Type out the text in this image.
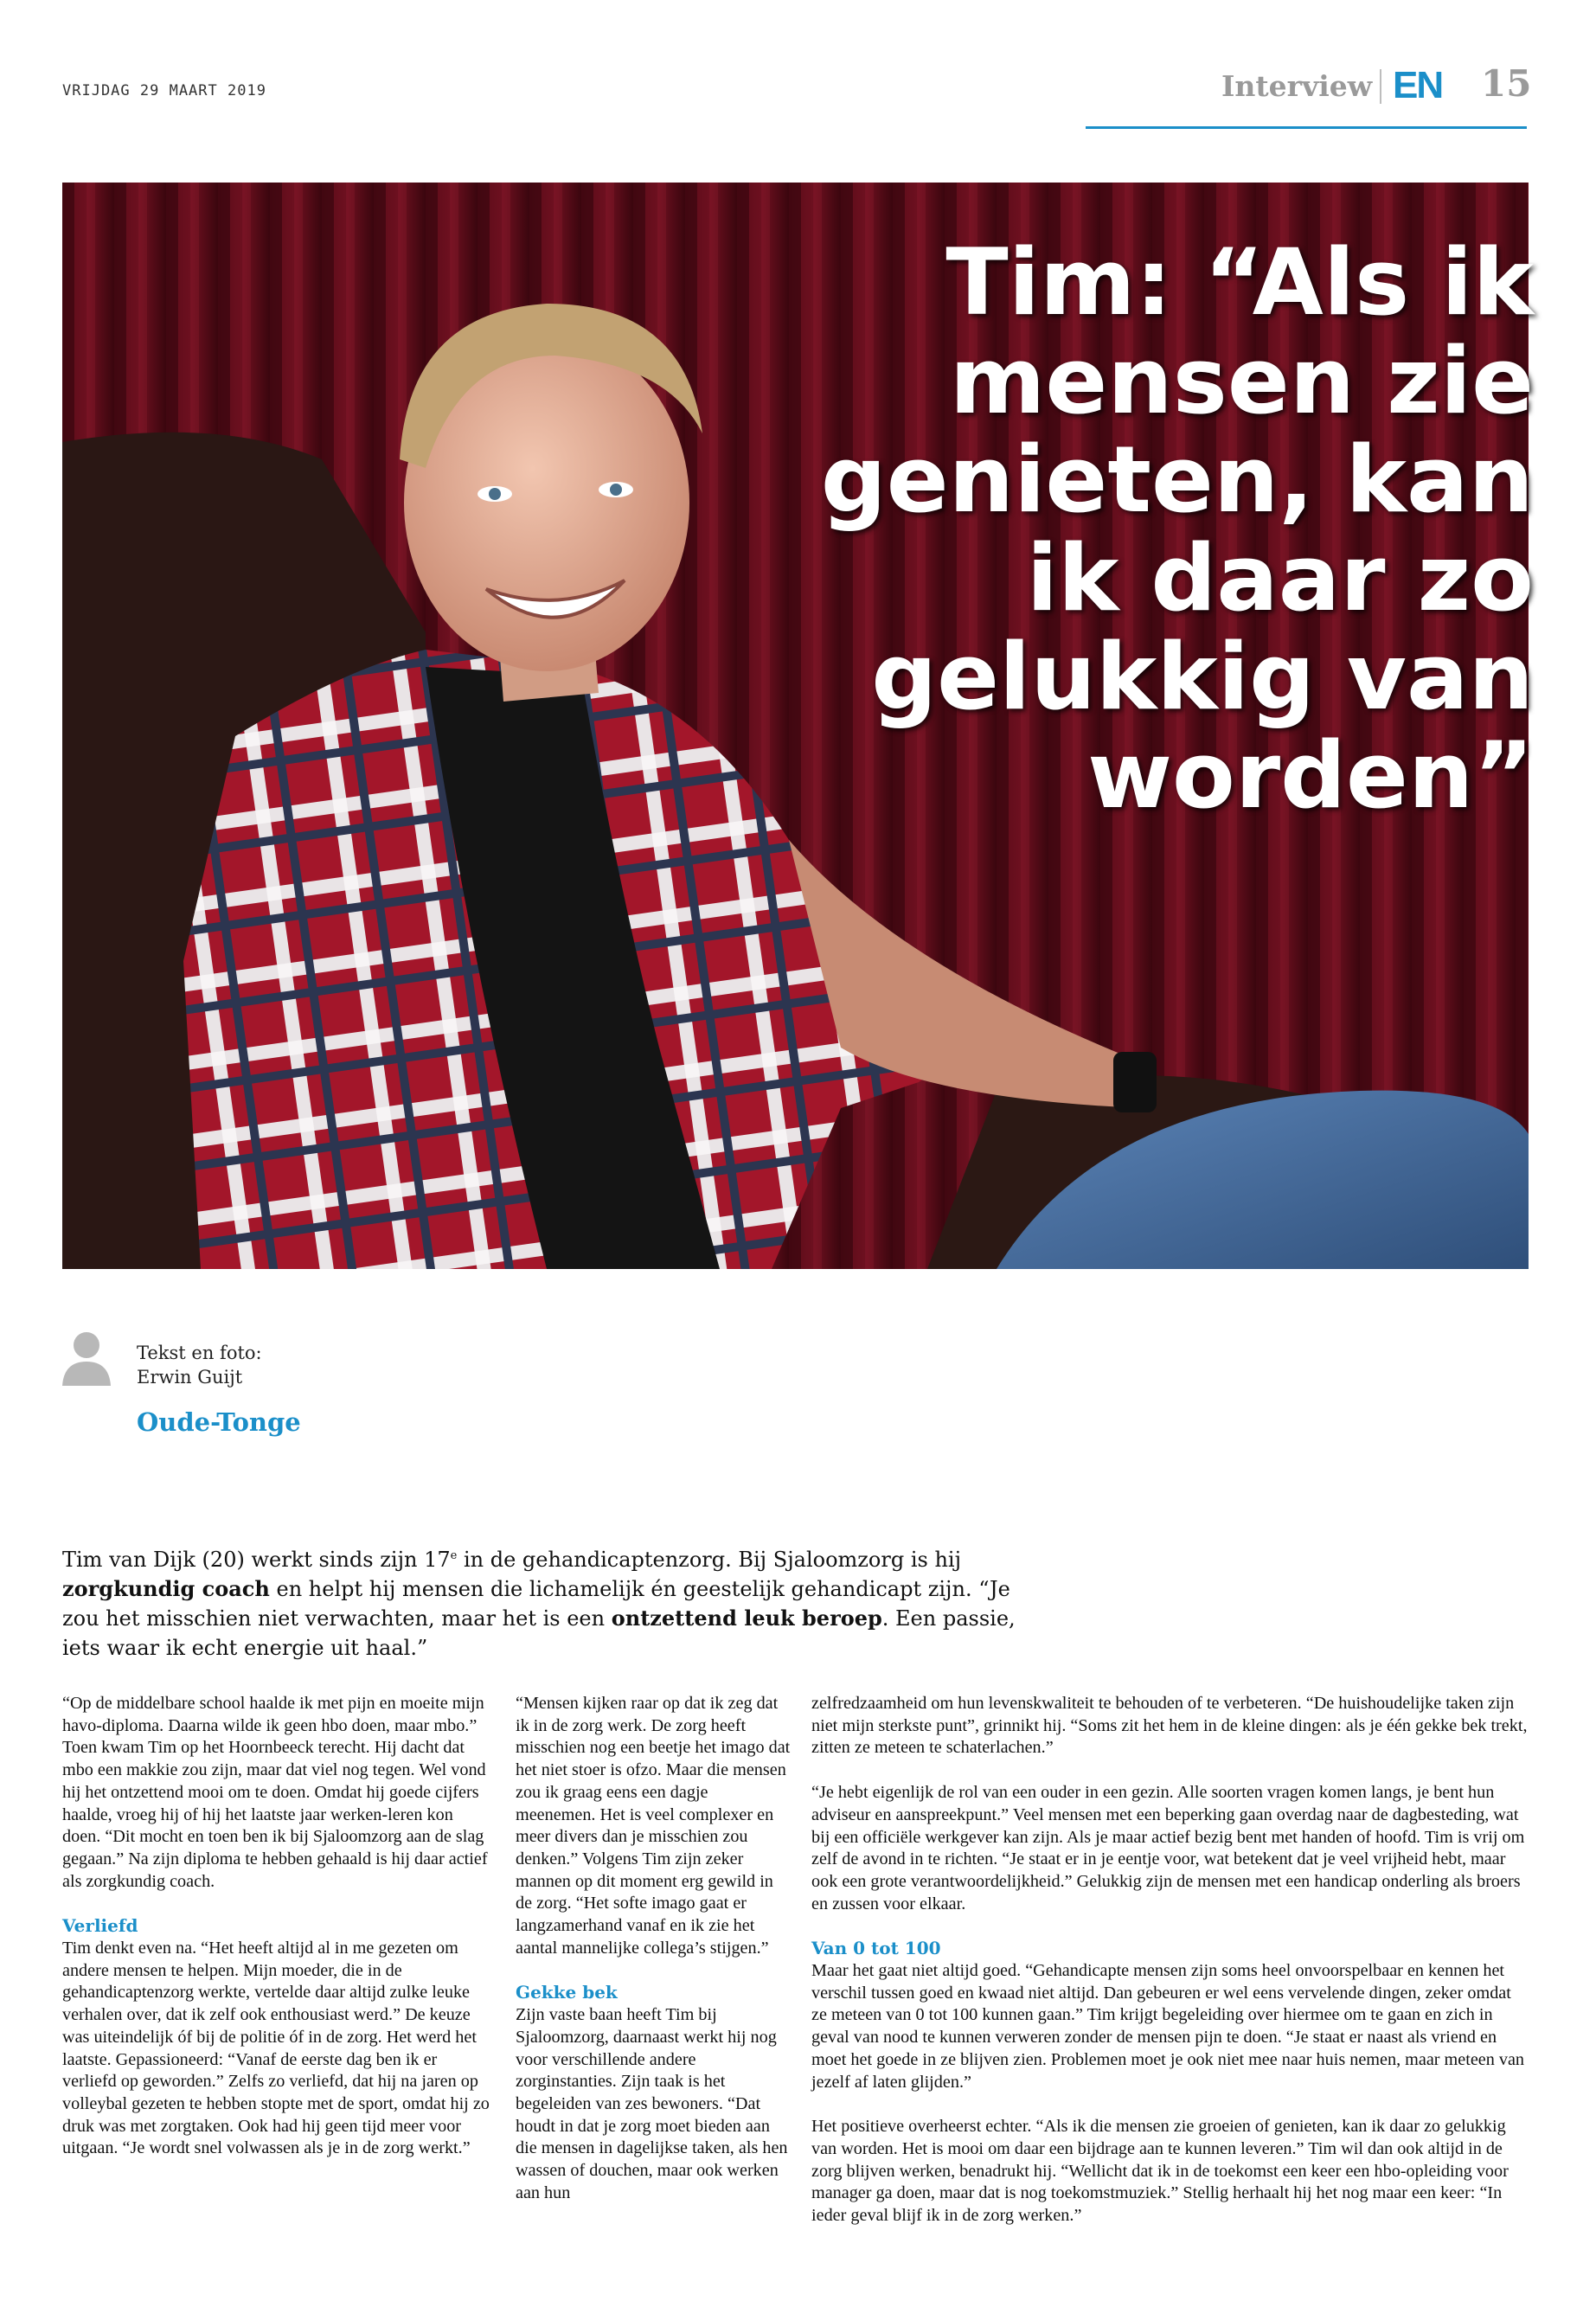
VRIJDAG 29 MAART 2019	Interview EN 15
Tim: “Als ik
mensen zie
genieten, kan
ik daar zo
gelukkig van
worden”
Tekst en foto:
Erwin Guijt
Oude-Tonge

Tim van Dijk (20) werkt sinds zijn 17e in de gehandicaptenzorg. Bij Sjaloomzorg is hij zorgkundig coach en helpt hij mensen die lichamelijk én geestelijk gehandicapt zijn. “Je zou het misschien niet verwachten, maar het is een ontzettend leuk beroep. Een passie, iets waar ik echt energie uit haal.”

“Op de middelbare school haalde ik met pijn en moeite mijn havo-diploma. Daarna wilde ik geen hbo doen, maar mbo.” Toen kwam Tim op het Hoornbeeck terecht. Hij dacht dat mbo een makkie zou zijn, maar dat viel nog tegen. Wel vond hij het ontzettend mooi om te doen. Omdat hij goede cijfers haalde, vroeg hij of hij het laatste jaar werken-leren kon doen. “Dit mocht en toen ben ik bij Sjaloomzorg aan de slag gegaan.” Na zijn diploma te hebben gehaald is hij daar actief als zorgkundig coach.

Verliefd

Tim denkt even na. “Het heeft altijd al in me gezeten om andere mensen te helpen. Mijn moeder, die in de gehandicaptenzorg werkte, vertelde daar altijd zulke leuke verhalen over, dat ik zelf ook enthousiast werd.” De keuze was uiteindelijk óf bij de politie óf in de zorg. Het werd het laatste. Gepassioneerd: “Vanaf de eerste dag ben ik er verliefd op geworden.” Zelfs zo verliefd, dat hij na jaren op volleybal gezeten te hebben stopte met de sport, omdat hij zo druk was met zorgtaken. Ook had hij geen tijd meer voor uitgaan. “Je wordt snel volwassen als je in de zorg werkt.”

“Mensen kijken raar op dat ik zeg dat ik in de zorg werk. De zorg heeft misschien nog een beetje het imago dat het niet stoer is ofzo. Maar die mensen zou ik graag eens een dagje meenemen. Het is veel complexer en meer divers dan je misschien zou denken.” Volgens Tim zijn zeker mannen op dit moment erg gewild in de zorg. “Het softe imago gaat er langzamerhand vanaf en ik zie het aantal mannelijke collega’s stijgen.”

Gekke bek

Zijn vaste baan heeft Tim bij Sjaloomzorg, daarnaast werkt hij nog voor verschillende andere zorginstanties. Zijn taak is het begeleiden van zes bewoners. “Dat houdt in dat je zorg moet bieden aan die mensen in dagelijkse taken, als hen wassen of douchen, maar ook werken aan hun

zelfredzaamheid om hun levenskwaliteit te behouden of te verbeteren. “De huishoudelijke taken zijn niet mijn sterkste punt”, grinnikt hij. “Soms zit het hem in de kleine dingen: als je één gekke bek trekt, zitten ze meteen te schaterlachen.”

“Je hebt eigenlijk de rol van een ouder in een gezin. Alle soorten vragen komen langs, je bent hun adviseur en aanspreekpunt.” Veel mensen met een beperking gaan overdag naar de dagbesteding, wat bij een officiële werkgever kan zijn. Als je maar actief bezig bent met handen of hoofd. Tim is vrij om zelf de avond in te richten. “Je staat er in je eentje voor, wat betekent dat je veel vrijheid hebt, maar ook een grote verantwoordelijkheid.” Gelukkig zijn de mensen met een handicap onderling als broers en zussen voor elkaar.

Van 0 tot 100

Maar het gaat niet altijd goed. “Gehandicapte mensen zijn soms heel onvoorspelbaar en kennen het verschil tussen goed en kwaad niet altijd. Dan gebeuren er wel eens vervelende dingen, zeker omdat ze meteen van 0 tot 100 kunnen gaan.” Tim krijgt begeleiding over hiermee om te gaan en zich in geval van nood te kunnen verweren zonder de mensen pijn te doen. “Je staat er naast als vriend en moet het goede in ze blijven zien. Problemen moet je ook niet mee naar huis nemen, maar meteen van jezelf af laten glijden.”

Het positieve overheerst echter. “Als ik die mensen zie groeien of genieten, kan ik daar zo gelukkig van worden. Het is mooi om daar een bijdrage aan te kunnen leveren.” Tim wil dan ook altijd in de zorg blijven werken, benadrukt hij. “Wellicht dat ik in de toekomst een keer een hbo-opleiding voor manager ga doen, maar dat is nog toekomstmuziek.” Stellig herhaalt hij het nog maar een keer: “In ieder geval blijf ik in de zorg werken.”
